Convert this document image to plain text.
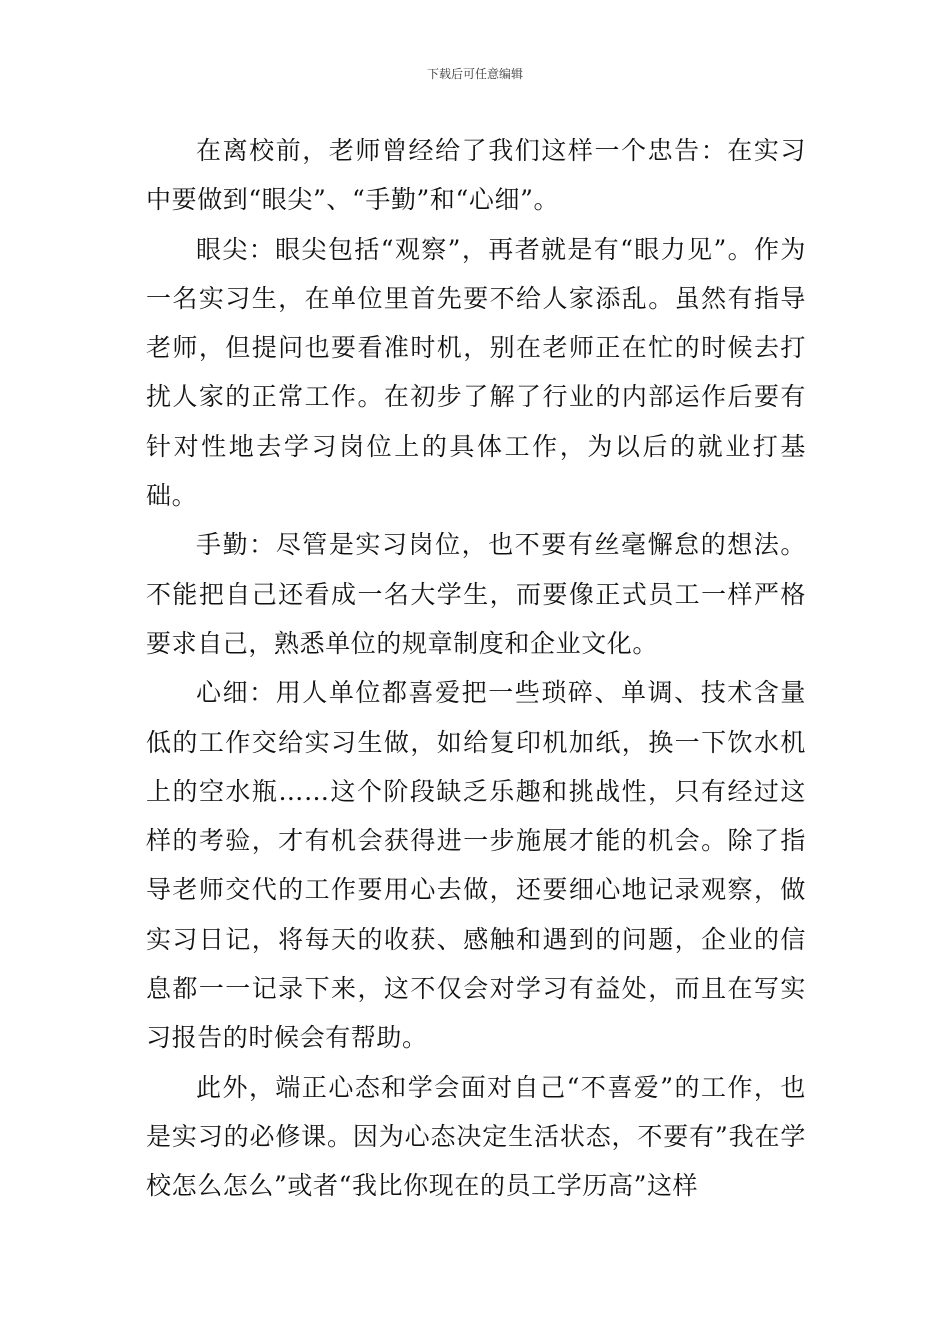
下载后可任意编辑

在离校前，老师曾经给了我们这样一个忠告：在实习中要做到“眼尖”、“手勤”和“心细”。

眼尖：眼尖包括“观察”，再者就是有“眼力见”。作为一名实习生，在单位里首先要不给人家添乱。虽然有指导老师，但提问也要看准时机，别在老师正在忙的时候去打扰人家的正常工作。在初步了解了行业的内部运作后要有针对性地去学习岗位上的具体工作，为以后的就业打基础。

手勤：尽管是实习岗位，也不要有丝毫懈怠的想法。不能把自己还看成一名大学生，而要像正式员工一样严格要求自己，熟悉单位的规章制度和企业文化。

心细：用人单位都喜爱把一些琐碎、单调、技术含量低的工作交给实习生做，如给复印机加纸，换一下饮水机上的空水瓶……这个阶段缺乏乐趣和挑战性，只有经过这样的考验，才有机会获得进一步施展才能的机会。除了指导老师交代的工作要用心去做，还要细心地记录观察，做实习日记，将每天的收获、感触和遇到的问题，企业的信息都一一记录下来，这不仅会对学习有益处，而且在写实习报告的时候会有帮助。

此外，端正心态和学会面对自己“不喜爱”的工作，也是实习的必修课。因为心态决定生活状态，不要有”我在学校怎么怎么”或者“我比你现在的员工学历高”这样
